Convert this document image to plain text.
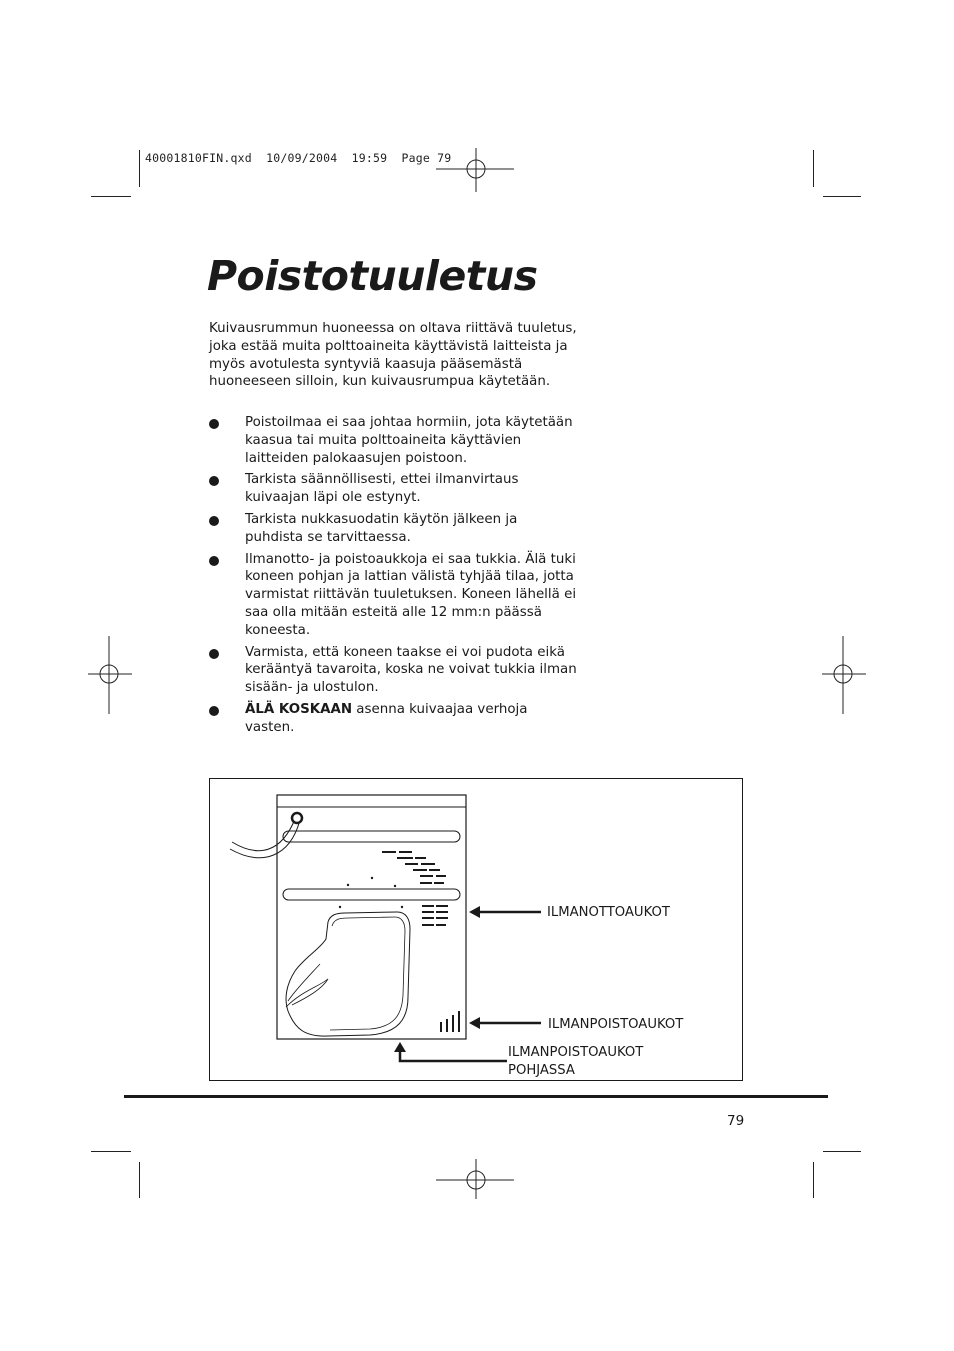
40001810FIN.qxd  10/09/2004  19:59  Page 79
Poistotuuletus

Kuivausrummun huoneessa on oltava riittävä tuuletus, joka estää muita polttoaineita käyttävistä laitteista ja myös avotulesta syntyviä kaasuja pääsemästä huoneeseen silloin, kun kuivausrumpua käytetään.

Poistoilmaa ei saa johtaa hormiin, jota käytetään kaasua tai muita polttoaineita käyttävien laitteiden palokaasujen poistoon.
Tarkista säännöllisesti, ettei ilmanvirtaus kuivaajan läpi ole estynyt.
Tarkista nukkasuodatin käytön jälkeen ja puhdista se tarvittaessa.
Ilmanotto- ja poistoaukkoja ei saa tukkia. Älä tuki koneen pohjan ja lattian välistä tyhjää tilaa, jotta varmistat riittävän tuuletuksen. Koneen lähellä ei saa olla mitään esteitä alle 12 mm:n päässä koneesta.
Varmista, että koneen taakse ei voi pudota eikä kerääntyä tavaroita, koska ne voivat tukkia ilman sisään- ja ulostulon.
ÄLÄ KOSKAAN asenna kuivaajaa verhoja vasten.
ILMANOTTOAUKOT
ILMANPOISTOAUKOT
ILMANPOISTOAUKOT
POHJASSA
79
